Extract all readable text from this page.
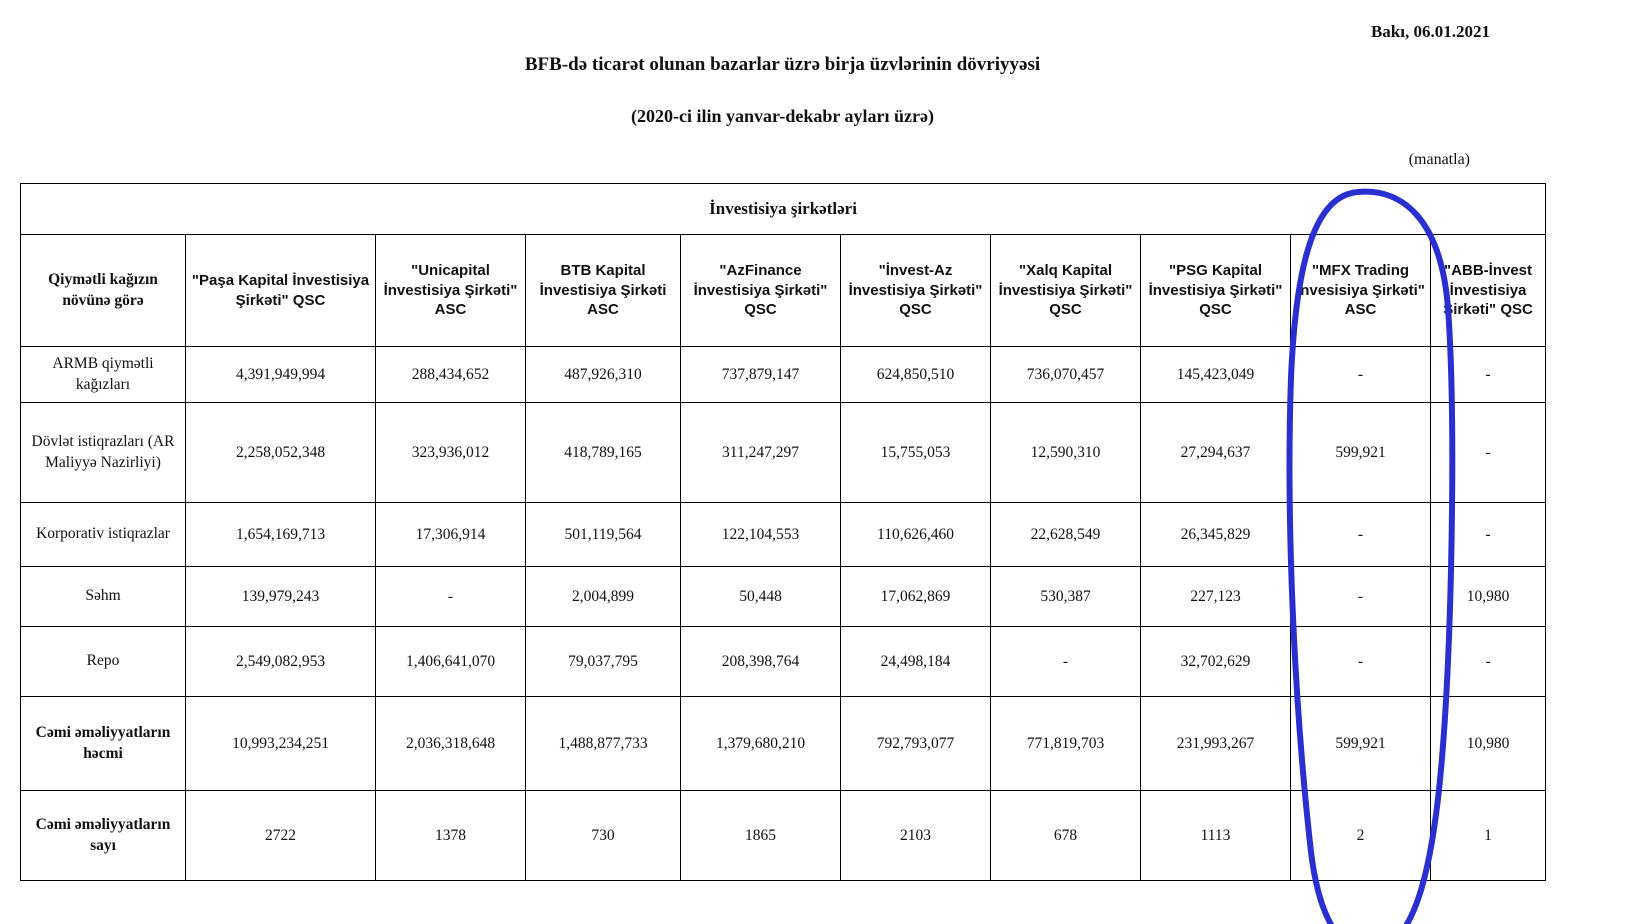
Bakı, 06.01.2021
BFB-də ticarət olunan bazarlar üzrə birja üzvlərinin dövriyyəsi
(2020-ci ilin yanvar-dekabr ayları üzrə)
(manatla)
İnvestisiya şirkətləri									
Qiymətli kağızın növünə görə	"Paşa Kapital İnvestisiya Şirkəti" QSC	"Unicapital İnvestisiya Şirkəti" ASC	BTB Kapital İnvestisiya Şirkəti ASC	"AzFinance İnvestisiya Şirkəti" QSC	"İnvest-Az İnvestisiya Şirkəti" QSC	"Xalq Kapital İnvestisiya Şirkəti" QSC	"PSG Kapital İnvestisiya Şirkəti" QSC	"MFX Trading İnvesisiya Şirkəti" ASC	"ABB-İnvest İnvestisiya Şirkəti" QSC
ARMB qiymətli kağızları	4,391,949,994	288,434,652	487,926,310	737,879,147	624,850,510	736,070,457	145,423,049	-	-
Dövlət istiqrazları (AR Maliyyə Nazirliyi)	2,258,052,348	323,936,012	418,789,165	311,247,297	15,755,053	12,590,310	27,294,637	599,921	-
Korporativ istiqrazlar	1,654,169,713	17,306,914	501,119,564	122,104,553	110,626,460	22,628,549	26,345,829	-	-
Səhm	139,979,243	-	2,004,899	50,448	17,062,869	530,387	227,123	-	10,980
Repo	2,549,082,953	1,406,641,070	79,037,795	208,398,764	24,498,184	-	32,702,629	-	-
Cəmi əməliyyatların həcmi	10,993,234,251	2,036,318,648	1,488,877,733	1,379,680,210	792,793,077	771,819,703	231,993,267	599,921	10,980
Cəmi əməliyyatların sayı	2722	1378	730	1865	2103	678	1113	2	1
